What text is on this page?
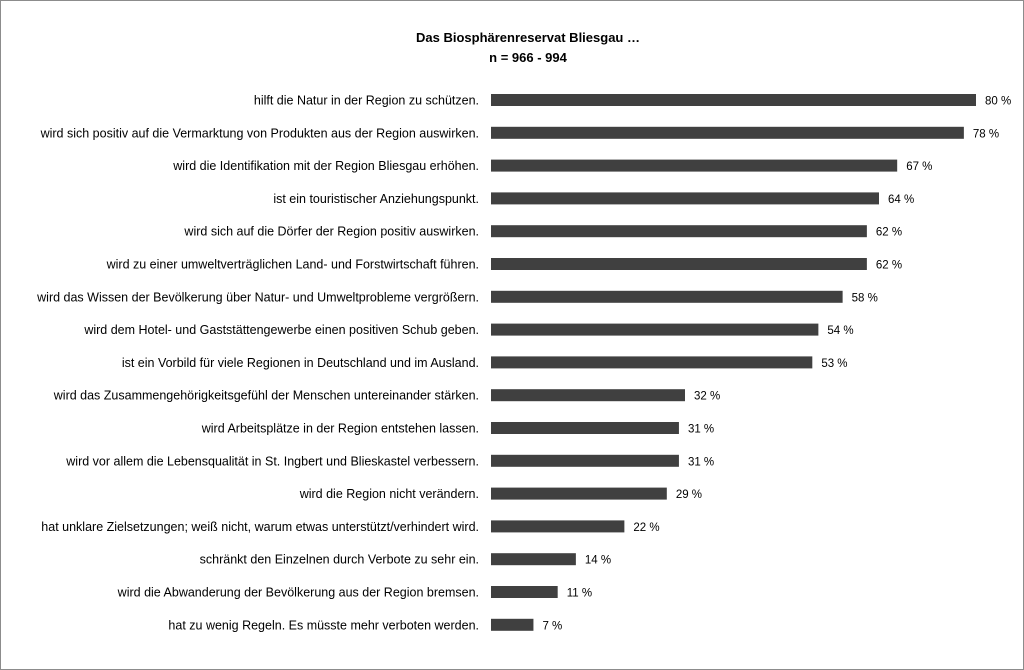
Das Biosphärenreservat Bliesgau …
n = 966 - 994
hilft die Natur in der Region zu schützen.	80 %
wird sich positiv auf die Vermarktung von Produkten aus der Region auswirken.	78 %
wird die Identifikation mit der Region Bliesgau erhöhen.	67 %
ist ein touristischer Anziehungspunkt.	64 %
wird sich auf die Dörfer der Region positiv auswirken.	62 %
wird zu einer umweltverträglichen Land- und Forstwirtschaft führen.	62 %
wird das Wissen der Bevölkerung über Natur- und Umweltprobleme vergrößern.	58 %
wird dem Hotel- und Gaststättengewerbe einen positiven Schub geben.	54 %
ist ein Vorbild für viele Regionen in Deutschland und im Ausland.	53 %
wird das Zusammengehörigkeitsgefühl der Menschen untereinander stärken.	32 %
wird Arbeitsplätze in der Region entstehen lassen.	31 %
wird vor allem die Lebensqualität in St. Ingbert und Blieskastel verbessern.	31 %
wird die Region nicht verändern.	29 %
hat unklare Zielsetzungen; weiß nicht, warum etwas unterstützt/verhindert wird.	22 %
schränkt den Einzelnen durch Verbote zu sehr ein.	14 %
wird die Abwanderung der Bevölkerung aus der Region bremsen.	11 %
hat zu wenig Regeln. Es müsste mehr verboten werden.	7 %
